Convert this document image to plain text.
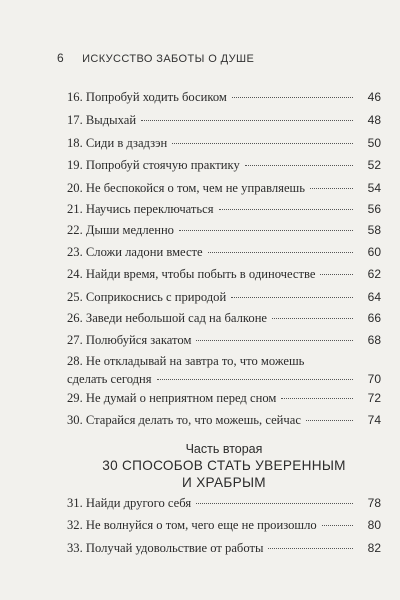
6 ИСКУССТВО ЗАБОТЫ О ДУШЕ
16. Попробуй ходить босиком	46
17. Выдыхай	48
18. Сиди в дзадзэн	50
19. Попробуй стоячую практику	52
20. Не беспокойся о том, чем не управляешь	54
21. Научись переключаться	56
22. Дыши медленно	58
23. Сложи ладони вместе	60
24. Найди время, чтобы побыть в одиночестве	62
25. Соприкоснись с природой	64
26. Заведи небольшой сад на балконе	66
27. Полюбуйся закатом	68
28. Не откладывай на завтра то, что можешь
сделать сегодня	70
29. Не думай о неприятном перед сном	72
30. Старайся делать то, что можешь, сейчас	74
31. Найди другого себя	78
32. Не волнуйся о том, чего еще не произошло	80
33. Получай удовольствие от работы	82
Часть вторая
30 СПОСОБОВ СТАТЬ УВЕРЕННЫМ
И ХРАБРЫМ
